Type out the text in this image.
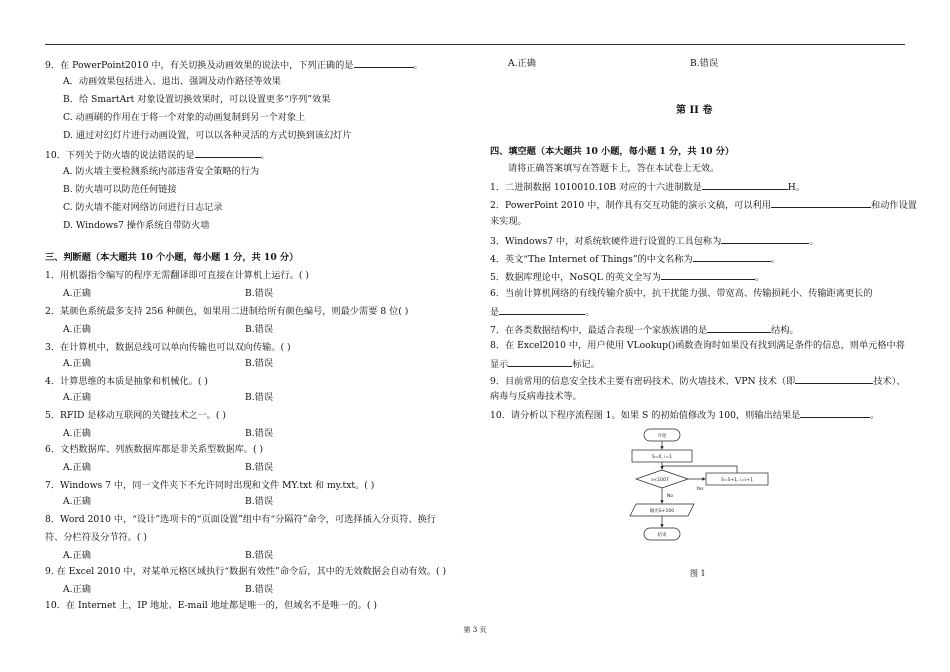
9．在 PowerPoint2010 中，有关切换及动画效果的说法中，下列正确的是	。
A．动画效果包括进入、退出、强调及动作路径等效果
B．给 SmartArt 对象设置切换效果时，可以设置更多“序列”效果
C. 动画刷的作用在于将一个对象的动画复制到另一个对象上
D. 通过对幻灯片进行动画设置，可以以各种灵活的方式切换到该幻灯片
10．下列关于防火墙的说法错误的是	。
A. 防火墙主要检测系统内部违背安全策略的行为
B. 防火墙可以防范任何链接
C. 防火墙不能对网络访问进行日志记录
D. Windows7 操作系统自带防火墙
三、判断题（本大题共 10 个小题，每小题 1 分，共 10 分）
1．用机器指令编写的程序无需翻译即可直接在计算机上运行。( )
A.正确	B.错误
2．某颜色系统最多支持 256 种颜色，如果用二进制给所有颜色编号，则最少需要 8 位( )
A.正确	B.错误
3．在计算机中，数据总线可以单向传输也可以双向传输。( )
A.正确	B.错误
4．计算思维的本质是抽象和机械化。( )
A.正确	B.错误
5．RFID 是移动互联网的关键技术之一。( )
A.正确	B.错误
6．文档数据库、列族数据库都是非关系型数据库。( )
A.正确	B.错误
7．Windows 7 中，同一文件夹下不允许同时出现和文件 MY.txt 和 my.txt。( )
A.正确	B.错误
8．Word 2010 中，“设计”选项卡的“页面设置”组中有“分隔符”命令，可选择插入分页符、换行
符、分栏符及分节符。( )
A.正确	B.错误
9. 在 Excel 2010 中，对某单元格区域执行“数据有效性”命令后，其中的无效数据会自动有效。( )
A.正确	B.错误
10．在 Internet 上，IP 地址、E-mail 地址都是唯一的，但域名不是唯一的。( )
A.正确	B.错误
第 II 卷
四、填空题（本大题共 10 小题，每小题 1 分，共 10 分）
请将正确答案填写在答题卡上，答在本试卷上无效。
1．二进制数据 1010010.10B 对应的十六进制数是	H。
2．PowerPoint 2010 中，制作具有交互功能的演示文稿，可以利用	和动作设置
来实现。
3．Windows7 中，对系统软硬件进行设置的工具包称为	。
4．英文“The Internet of Things”的中文名称为	。
5．数据库理论中，NoSQL 的英文全写为	。
6．当前计算机网络的有线传输介质中，抗干扰能力强、带宽高、传输损耗小、传输距离更长的
是	。
7．在各类数据结构中，最适合表现一个家族族谱的是	结构。
8．在 Excel2010 中，用户使用 VLookup()函数查询时如果没有找到满足条件的信息，则单元格中将
显示	标记。
9．目前常用的信息安全技术主要有密码技术、防火墙技术、VPN 技术（即	技术）、
病毒与反病毒技术等。
10．请分析以下程序流程图 1。如果 S 的初始值修改为 100，则输出结果是	。
开始
S=0, i=1
s<1007	S=S+1, i=i+1
Yes
No
输出S+100
结束
图 1
第 3 页
